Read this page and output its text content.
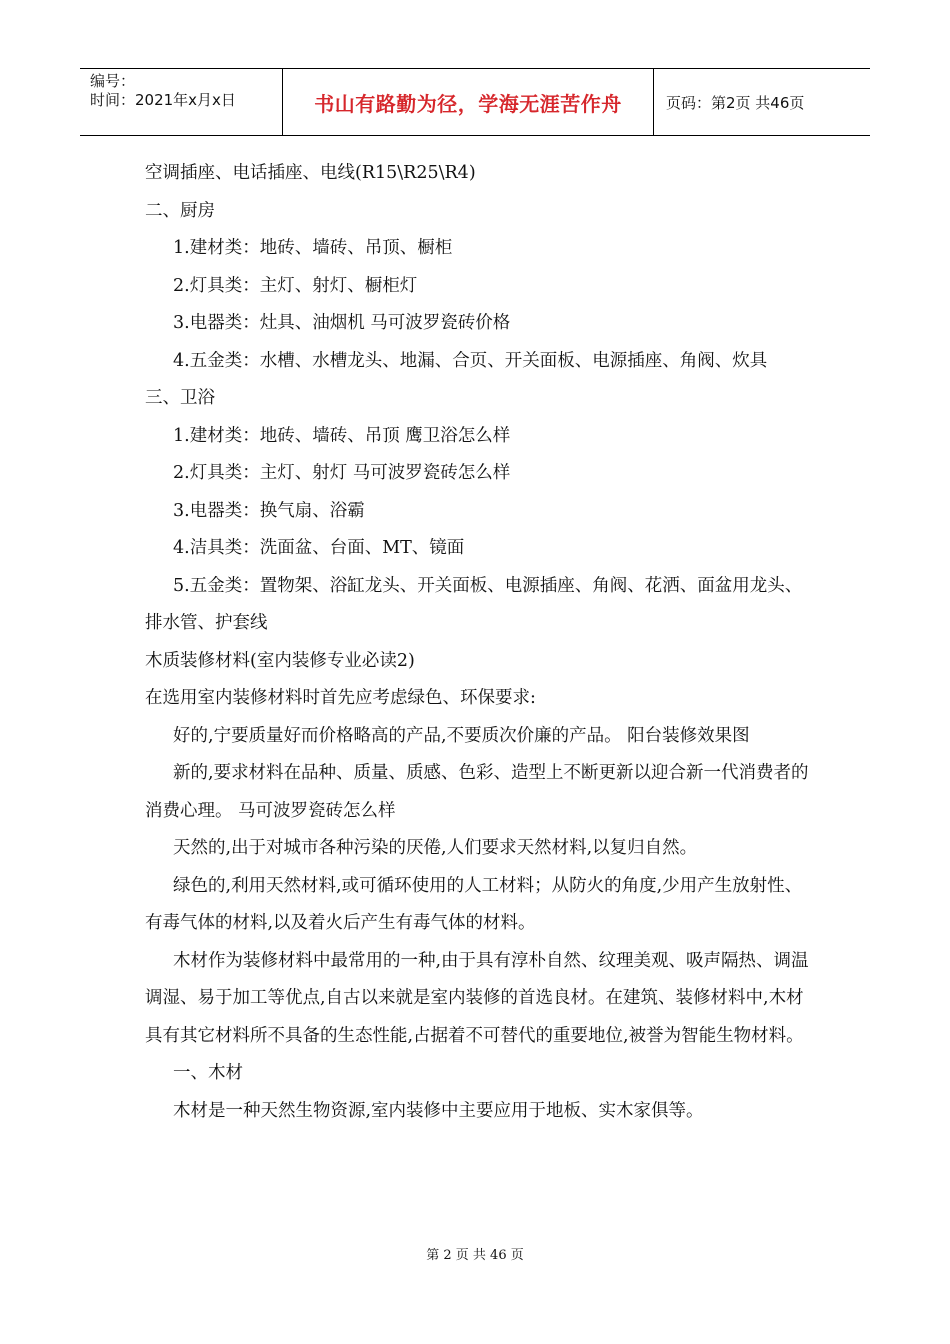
编号：
时间：2021年x月x日	书山有路勤为径，学海无涯苦作舟	页码：第2页 共46页

空调插座、电话插座、电线(R15\R25\R4)

二、厨房

1.建材类：地砖、墙砖、吊顶、橱柜

2.灯具类：主灯、射灯、橱柜灯

3.电器类：灶具、油烟机 马可波罗瓷砖价格

4.五金类：水槽、水槽龙头、地漏、合页、开关面板、电源插座、角阀、炊具

三、卫浴

1.建材类：地砖、墙砖、吊顶 鹰卫浴怎么样

2.灯具类：主灯、射灯 马可波罗瓷砖怎么样

3.电器类：换气扇、浴霸

4.洁具类：洗面盆、台面、MT、镜面

5.五金类：置物架、浴缸龙头、开关面板、电源插座、角阀、花洒、面盆用龙头、排水管、护套线

木质装修材料(室内装修专业必读2)

在选用室内装修材料时首先应考虑绿色、环保要求:

好的,宁要质量好而价格略高的产品,不要质次价廉的产品。 阳台装修效果图

新的,要求材料在品种、质量、质感、色彩、造型上不断更新以迎合新一代消费者的消费心理。 马可波罗瓷砖怎么样

天然的,出于对城市各种污染的厌倦,人们要求天然材料,以复归自然。

绿色的,利用天然材料,或可循环使用的人工材料；从防火的角度,少用产生放射性、有毒气体的材料,以及着火后产生有毒气体的材料。

木材作为装修材料中最常用的一种,由于具有淳朴自然、纹理美观、吸声隔热、调温调湿、易于加工等优点,自古以来就是室内装修的首选良材。在建筑、装修材料中,木材具有其它材料所不具备的生态性能,占据着不可替代的重要地位,被誉为智能生物材料。

一、木材

木材是一种天然生物资源,室内装修中主要应用于地板、实木家俱等。

第 2 页 共 46 页
